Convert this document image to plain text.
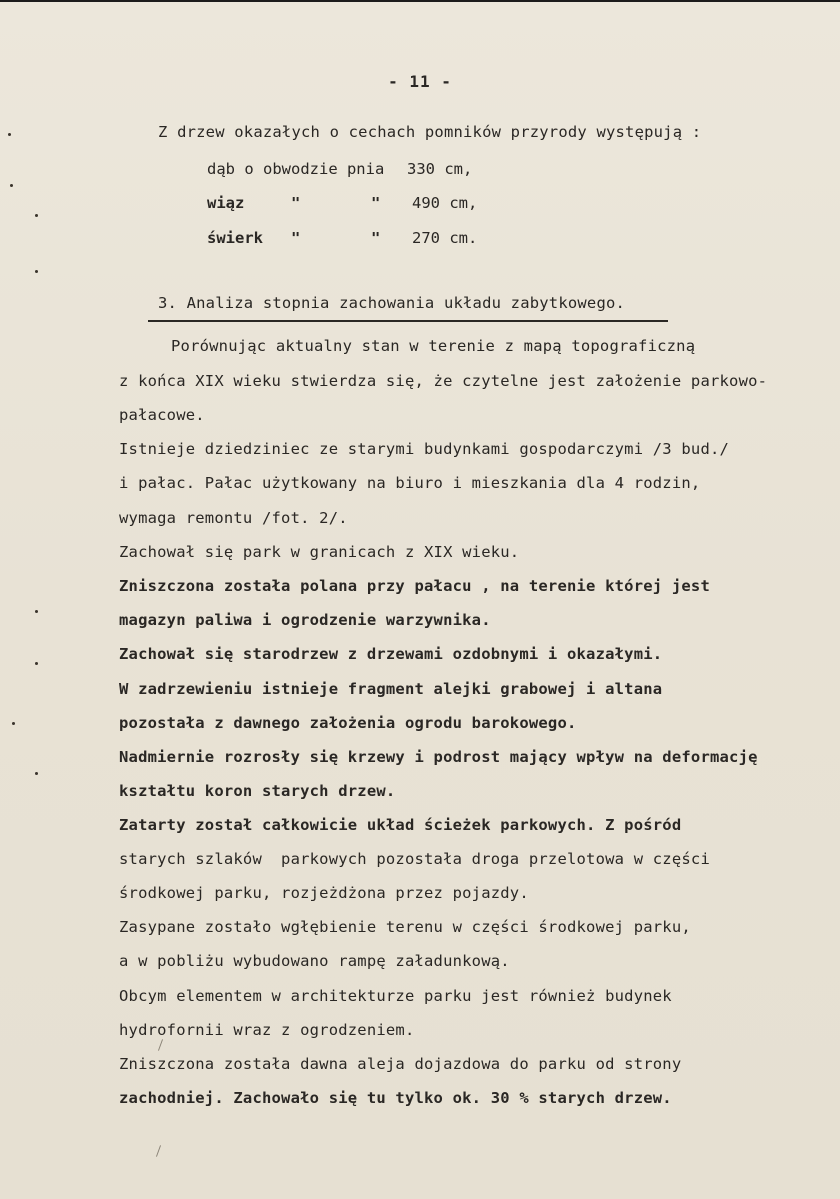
- 11 -
Z drzew okazałych o cechach pomników przyrody występują :
dąb o obwodzie pnia 330 cm,
wiąz	"	" 490 cm,
świerk "	" 270 cm.
3. Analiza stopnia zachowania układu zabytkowego.
Porównując aktualny stan w terenie z mapą topograficzną
z końca XIX wieku stwierdza się, że czytelne jest założenie parkowo-
pałacowe.
Istnieje dziedziniec ze starymi budynkami gospodarczymi /3 bud./
i pałac. Pałac użytkowany na biuro i mieszkania dla 4 rodzin,
wymaga remontu /fot. 2/.
Zachował się park w granicach z XIX wieku.
Zniszczona została polana przy pałacu , na terenie której jest
magazyn paliwa i ogrodzenie warzywnika.
Zachował się starodrzew z drzewami ozdobnymi i okazałymi.
W zadrzewieniu istnieje fragment alejki grabowej i altana
pozostała z dawnego założenia ogrodu barokowego.
Nadmiernie rozrosły się krzewy i podrost mający wpływ na deformację
kształtu koron starych drzew.
Zatarty został całkowicie układ ścieżek parkowych. Z pośród
starych szlaków  parkowych pozostała droga przelotowa w części
środkowej parku, rozjeżdżona przez pojazdy.
Zasypane zostało wgłębienie terenu w części środkowej parku,
a w pobliżu wybudowano rampę załadunkową.
Obcym elementem w architekturze parku jest również budynek
hydrofornii wraz z ogrodzeniem.
Zniszczona została dawna aleja dojazdowa do parku od strony
zachodniej. Zachowało się tu tylko ok. 30 % starych drzew.
